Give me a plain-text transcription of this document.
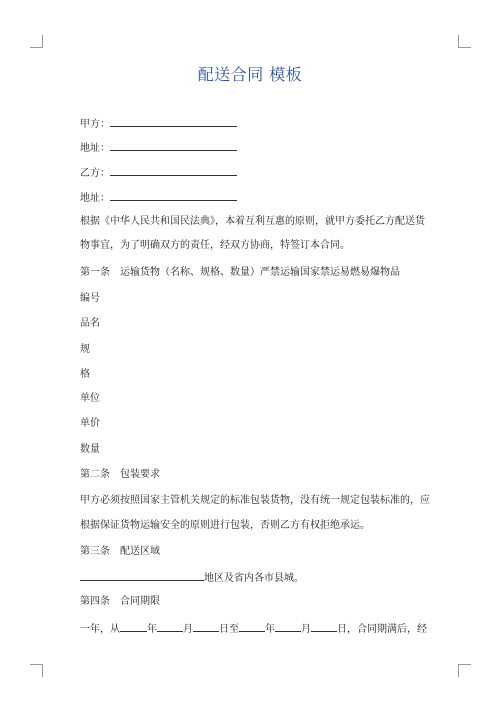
配送合同 模板
甲方：
地址：
乙方：
地址：
根据《中华人民共和国民法典》，本着互利互惠的原则，就甲方委托乙方配送货
物事宜，为了明确双方的责任，经双方协商，特签订本合同。
第一条　运输货物（名称、规格、数量）严禁运输国家禁运易燃易爆物品
编号
品名
规
格
单位
单价
数量
第二条　包装要求
甲方必须按照国家主管机关规定的标准包装货物，没有统一规定包装标准的，应
根据保证货物运输安全的原则进行包装，否则乙方有权拒绝承运。
第三条　配送区域
地区及省内各市县城。
第四条　合同期限
一年，从	年	月	日至	年	月	日，合同期满后，经
